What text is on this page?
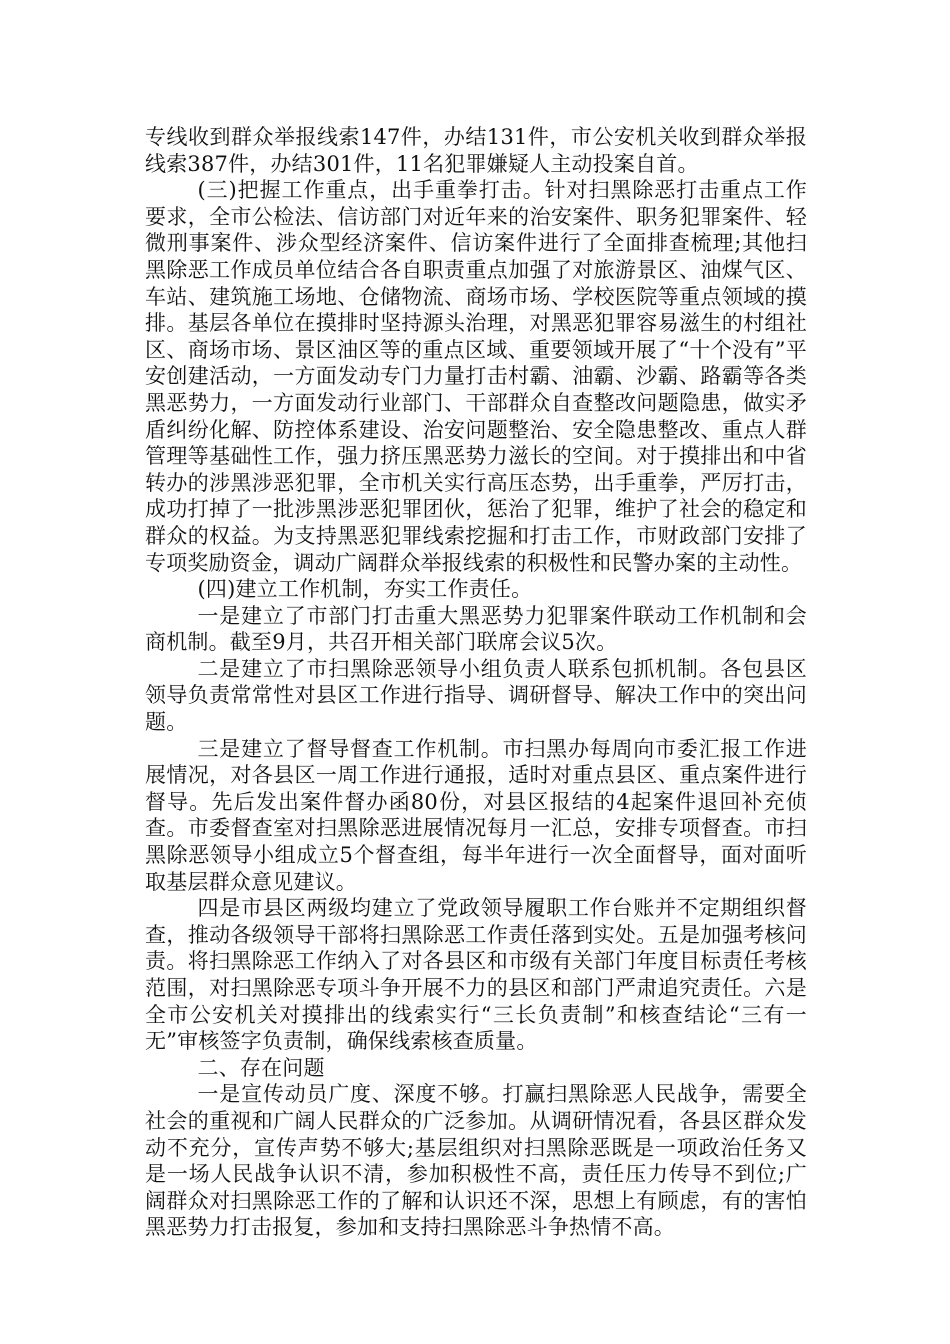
专线收到群众举报线索147件，办结131件，市公安机关收到群众举报线索387件，办结301件，11名犯罪嫌疑人主动投案自首。

(三)把握工作重点，出手重拳打击。针对扫黑除恶打击重点工作要求，全市公检法、信访部门对近年来的治安案件、职务犯罪案件、轻微刑事案件、涉众型经济案件、信访案件进行了全面排查梳理;其他扫黑除恶工作成员单位结合各自职责重点加强了对旅游景区、油煤气区、车站、建筑施工场地、仓储物流、商场市场、学校医院等重点领域的摸排。基层各单位在摸排时坚持源头治理，对黑恶犯罪容易滋生的村组社区、商场市场、景区油区等的重点区域、重要领域开展了“十个没有”平安创建活动，一方面发动专门力量打击村霸、油霸、沙霸、路霸等各类黑恶势力，一方面发动行业部门、干部群众自查整改问题隐患，做实矛盾纠纷化解、防控体系建设、治安问题整治、安全隐患整改、重点人群管理等基础性工作，强力挤压黑恶势力滋长的空间。对于摸排出和中省转办的涉黑涉恶犯罪，全市机关实行高压态势，出手重拳，严厉打击，成功打掉了一批涉黑涉恶犯罪团伙，惩治了犯罪，维护了社会的稳定和群众的权益。为支持黑恶犯罪线索挖掘和打击工作，市财政部门安排了专项奖励资金，调动广阔群众举报线索的积极性和民警办案的主动性。

(四)建立工作机制，夯实工作责任。

一是建立了市部门打击重大黑恶势力犯罪案件联动工作机制和会商机制。截至9月，共召开相关部门联席会议5次。

二是建立了市扫黑除恶领导小组负责人联系包抓机制。各包县区领导负责常常性对县区工作进行指导、调研督导、解决工作中的突出问题。

三是建立了督导督查工作机制。市扫黑办每周向市委汇报工作进展情况，对各县区一周工作进行通报，适时对重点县区、重点案件进行督导。先后发出案件督办函80份，对县区报结的4起案件退回补充侦查。市委督查室对扫黑除恶进展情况每月一汇总，安排专项督查。市扫黑除恶领导小组成立5个督查组，每半年进行一次全面督导，面对面听取基层群众意见建议。

四是市县区两级均建立了党政领导履职工作台账并不定期组织督查，推动各级领导干部将扫黑除恶工作责任落到实处。五是加强考核问责。将扫黑除恶工作纳入了对各县区和市级有关部门年度目标责任考核范围，对扫黑除恶专项斗争开展不力的县区和部门严肃追究责任。六是全市公安机关对摸排出的线索实行“三长负责制”和核查结论“三有一无”审核签字负责制，确保线索核查质量。

二、存在问题

一是宣传动员广度、深度不够。打赢扫黑除恶人民战争，需要全社会的重视和广阔人民群众的广泛参加。从调研情况看，各县区群众发动不充分，宣传声势不够大;基层组织对扫黑除恶既是一项政治任务又是一场人民战争认识不清，参加积极性不高，责任压力传导不到位;广阔群众对扫黑除恶工作的了解和认识还不深，思想上有顾虑，有的害怕黑恶势力打击报复，参加和支持扫黑除恶斗争热情不高。
